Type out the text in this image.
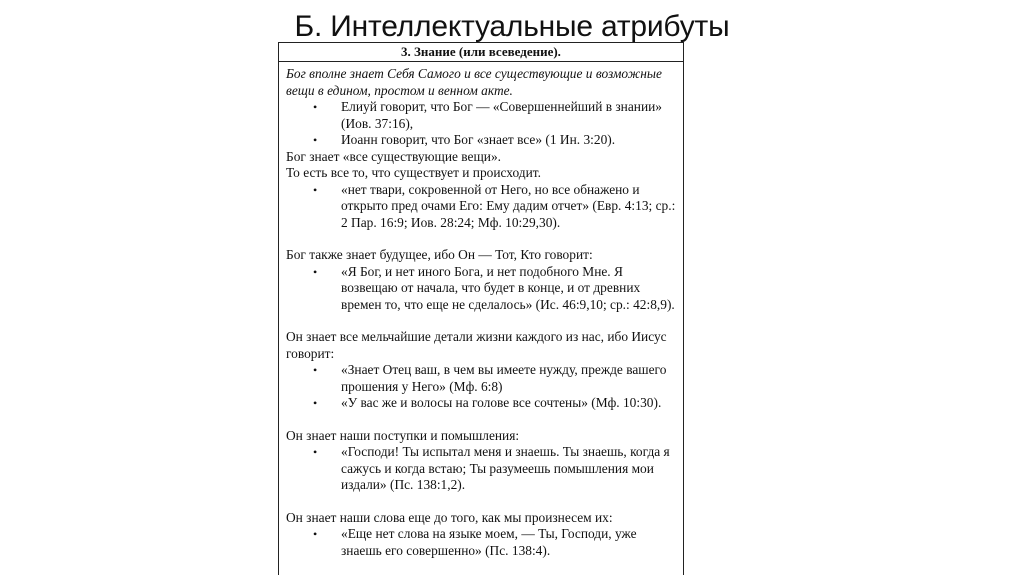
Б. Интеллектуальные атрибуты
3. Знание (или всеведение).

Бог вполне знает Себя Самого и все существующие и возможные вещи в едином, простом и венном акте.

• Елиуй говорит, что Бог — «Совершеннейший в знании» (Иов. 37:16),
• Иоанн говорит, что Бог «знает все» (1 Ин. 3:20).

Бог знает «все существующие вещи».

То есть все то, что существует и происходит.

• «нет твари, сокровенной от Него, но все обнажено и открыто пред очами Его: Ему дадим отчет» (Евр. 4:13; ср.: 2 Пар. 16:9; Иов. 28:24; Мф. 10:29,30).

Бог также знает будущее, ибо Он — Тот, Кто говорит:

• «Я Бог, и нет иного Бога, и нет подобного Мне. Я возвещаю от начала, что будет в конце, и от древних времен то, что еще не сделалось» (Ис. 46:9,10; ср.: 42:8,9).

Он знает все мельчайшие детали жизни каждого из нас, ибо Иисус говорит:

• «Знает Отец ваш, в чем вы имеете нужду, прежде вашего прошения у Него» (Мф. 6:8)
• «У вас же и волосы на голове все сочтены» (Мф. 10:30).

Он знает наши поступки и помышления:

• «Господи! Ты испытал меня и знаешь. Ты знаешь, когда я сажусь и когда встаю; Ты разумеешь помышления мои издали» (Пс. 138:1,2).

Он знает наши слова еще до того, как мы произнесем их:

• «Еще нет слова на языке моем, — Ты, Господи, уже знаешь его совершенно» (Пс. 138:4).
